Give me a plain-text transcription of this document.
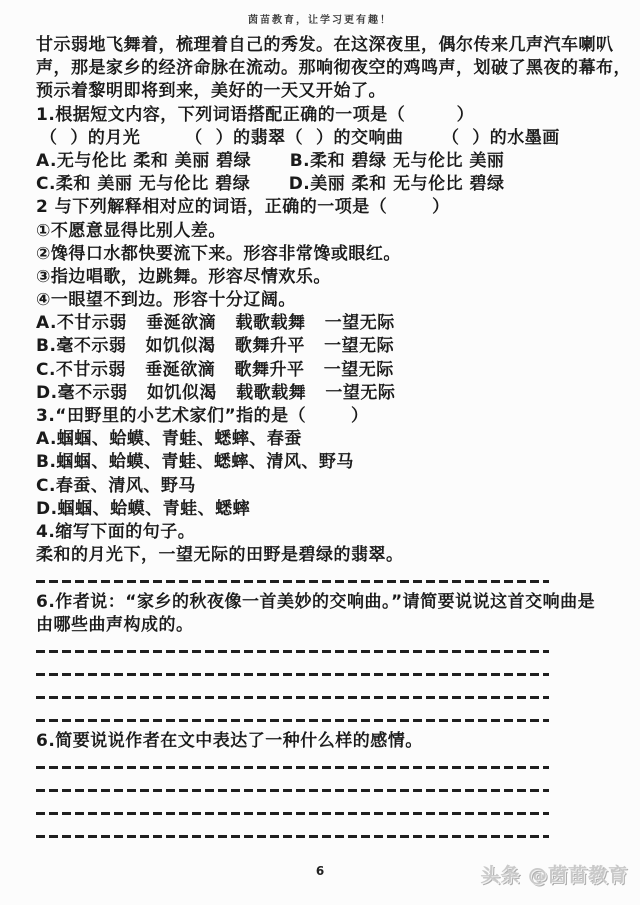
茵苗教育，让学习更有趣！
甘示弱地飞舞着，梳理着自己的秀发。在这深夜里，偶尔传来几声汽车喇叭
声，那是家乡的经济命脉在流动。那响彻夜空的鸡鸣声，划破了黑夜的幕布，
预示着黎明即将到来，美好的一天又开始了。
1.根据短文内容，下列词语搭配正确的一项是（        ）
（  ）的月光       （  ）的翡翠（  ）的交响曲      （  ）的水墨画
A.无与伦比 柔和 美丽 碧绿      B.柔和 碧绿 无与伦比 美丽
C.柔和 美丽 无与伦比 碧绿      D.美丽 柔和 无与伦比 碧绿
2 与下列解释相对应的词语，正确的一项是（       ）
①不愿意显得比别人差。
②馋得口水都快要流下来。形容非常馋或眼红。
③指边唱歌，边跳舞。形容尽情欢乐。
④一眼望不到边。形容十分辽阔。
A.不甘示弱   垂涎欲滴   载歌载舞   一望无际
B.毫不示弱   如饥似渴   歌舞升平   一望无际
C.不甘示弱   垂涎欲滴   歌舞升平   一望无际
D.毫不示弱   如饥似渴   载歌载舞   一望无际
3.“田野里的小艺术家们”指的是（       ）
A.蝈蝈、蛤蟆、青蛙、蟋蟀、春蚕
B.蝈蝈、蛤蟆、青蛙、蟋蟀、清风、野马
C.春蚕、清风、野马
D.蝈蝈、蛤蟆、青蛙、蟋蟀
4.缩写下面的句子。
柔和的月光下，一望无际的田野是碧绿的翡翠。
6.作者说：“家乡的秋夜像一首美妙的交响曲。”请简要说说这首交响曲是
由哪些曲声构成的。
6.简要说说作者在文中表达了一种什么样的感情。
6	头条 @茵苗教育
